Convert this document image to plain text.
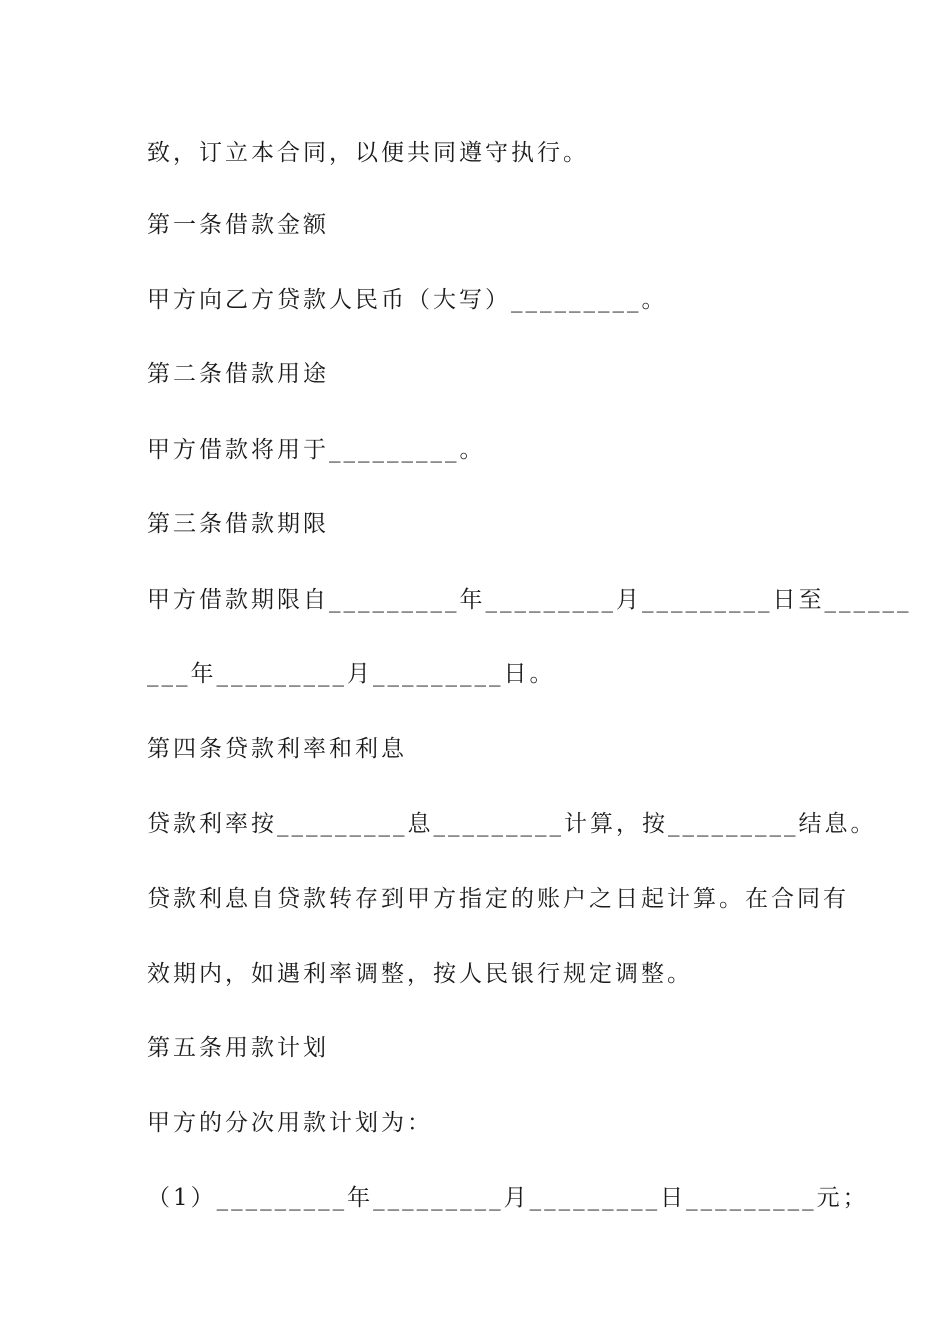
致，订立本合同，以便共同遵守执行。
第一条借款金额
甲方向乙方贷款人民币（大写）_________。
第二条借款用途
甲方借款将用于_________。
第三条借款期限
甲方借款期限自_________年_________月_________日至______
___年_________月_________日。
第四条贷款利率和利息
贷款利率按_________息_________计算，按_________结息。
贷款利息自贷款转存到甲方指定的账户之日起计算。在合同有
效期内，如遇利率调整，按人民银行规定调整。
第五条用款计划
甲方的分次用款计划为：
（1）_________年_________月_________日_________元；
